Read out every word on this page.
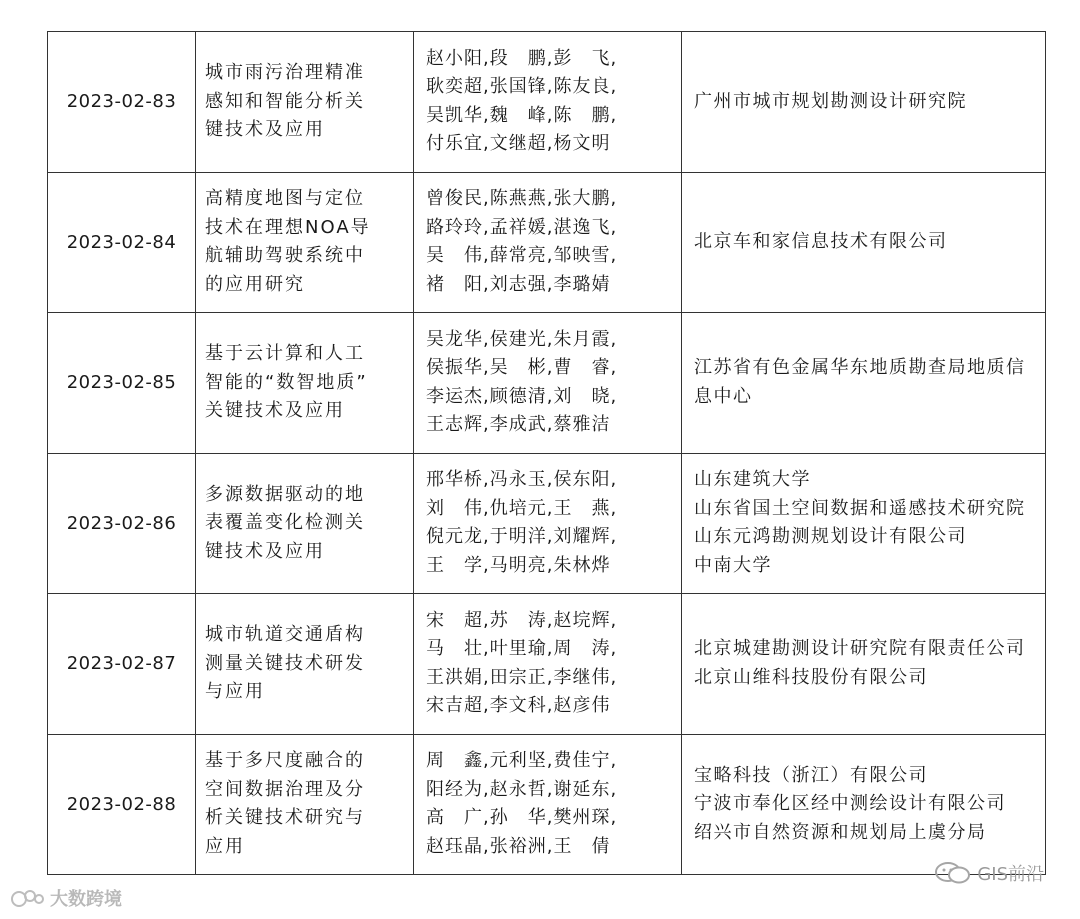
2023-02-83	城市雨污治理精准
感知和智能分析关
键技术及应用	赵小阳,段　鹏,彭　飞,
耿奕超,张国锋,陈友良,
吴凯华,魏　峰,陈　鹏,
付乐宜,文继超,杨文明	广州市城市规划勘测设计研究院

2023-02-84	高精度地图与定位
技术在理想NOA导
航辅助驾驶系统中
的应用研究	曾俊民,陈燕燕,张大鹏,
路玲玲,孟祥媛,湛逸飞,
吴　伟,薛常亮,邹映雪,
褚　阳,刘志强,李璐婧	北京车和家信息技术有限公司

2023-02-85	基于云计算和人工
智能的“数智地质”
关键技术及应用	吴龙华,侯建光,朱月霞,
侯振华,吴　彬,曹　睿,
李运杰,顾德清,刘　晓,
王志辉,李成武,蔡雅洁	江苏省有色金属华东地质勘查局地质信息中心

2023-02-86	多源数据驱动的地
表覆盖变化检测关
键技术及应用	邢华桥,冯永玉,侯东阳,
刘　伟,仇培元,王　燕,
倪元龙,于明洋,刘耀辉,
王　学,马明亮,朱林烨	山东建筑大学
山东省国土空间数据和遥感技术研究院
山东元鸿勘测规划设计有限公司
中南大学

2023-02-87	城市轨道交通盾构
测量关键技术研发
与应用	宋　超,苏　涛,赵垸辉,
马　壮,叶里瑜,周　涛,
王洪娟,田宗正,李继伟,
宋吉超,李文科,赵彦伟	北京城建勘测设计研究院有限责任公司
北京山维科技股份有限公司

2023-02-88	基于多尺度融合的
空间数据治理及分
析关键技术研究与
应用	周　鑫,元利坚,费佳宁,
阳经为,赵永哲,谢延东,
高　广,孙　华,樊州琛,
赵珏晶,张裕洲,王　倩	宝略科技（浙江）有限公司
宁波市奉化区经中测绘设计有限公司
绍兴市自然资源和规划局上虞分局
大数跨境
GIS前沿
